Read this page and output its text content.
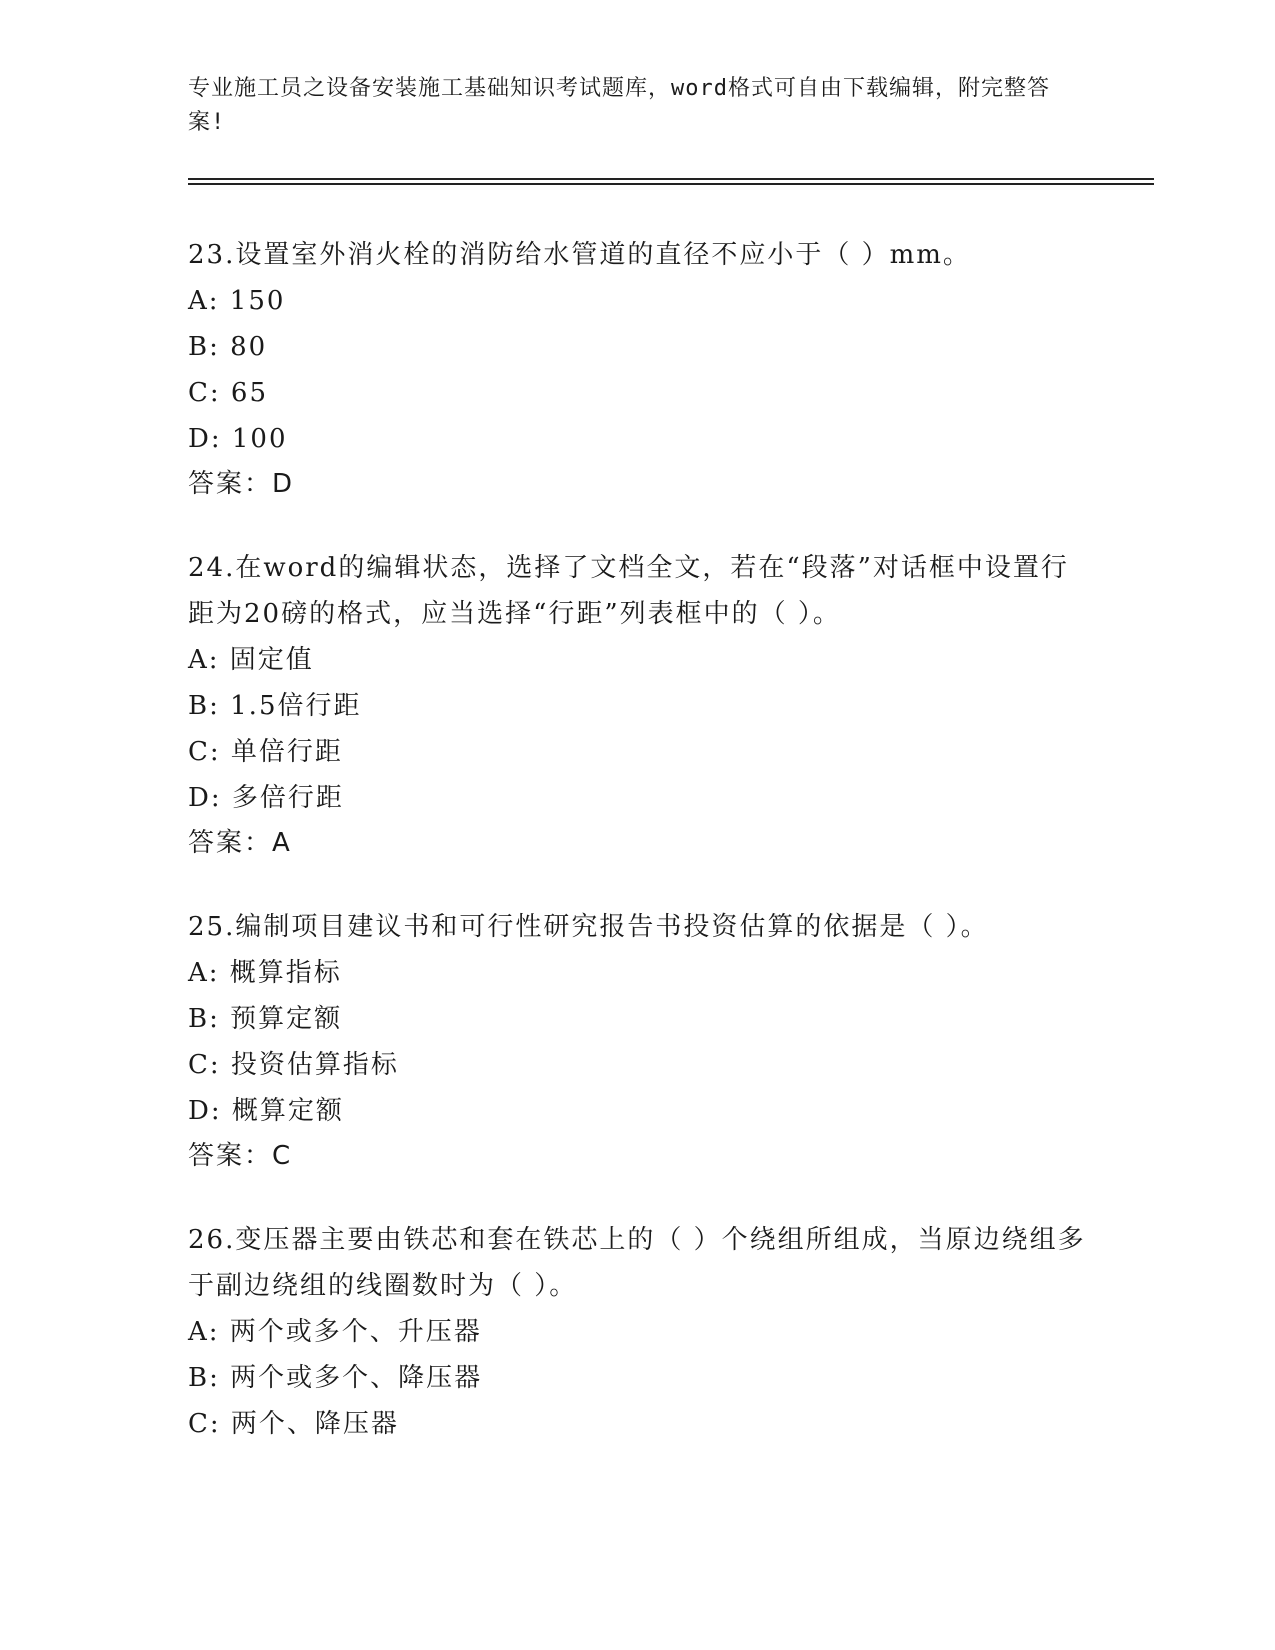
专业施工员之设备安装施工基础知识考试题库，word格式可自由下载编辑，附完整答案!
23.设置室外消火栓的消防给水管道的直径不应小于（ ）mm。
A: 150
B: 80
C: 65
D: 100
答案：D
24.在word的编辑状态，选择了文档全文，若在“段落”对话框中设置行距为20磅的格式，应当选择“行距”列表框中的（ ）。
A: 固定值
B: 1.5倍行距
C: 单倍行距
D: 多倍行距
答案：A
25.编制项目建议书和可行性研究报告书投资估算的依据是（ ）。
A: 概算指标
B: 预算定额
C: 投资估算指标
D: 概算定额
答案：C
26.变压器主要由铁芯和套在铁芯上的（ ）个绕组所组成，当原边绕组多于副边绕组的线圈数时为（ ）。
A: 两个或多个、升压器
B: 两个或多个、降压器
C: 两个、降压器
